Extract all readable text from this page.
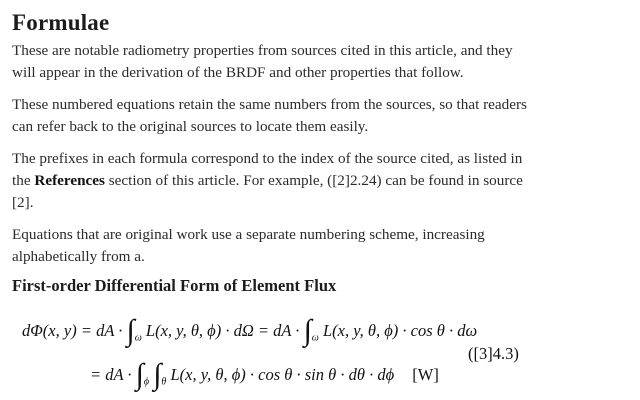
Formulae

These are notable radiometry properties from sources cited in this article, and they will appear in the derivation of the BRDF and other properties that follow.

These numbered equations retain the same numbers from the sources, so that readers can refer back to the original sources to locate them easily.

The prefixes in each formula correspond to the index of the source cited, as listed in the References section of this article. For example, ([2]2.24) can be found in source [2].

Equations that are original work use a separate numbering scheme, increasing alphabetically from a.

First-order Differential Form of Element Flux
dΦ(x, y) = dA · $\int_\omega$ L(x, y, θ, ϕ) · dΩ = dA · $\int_\omega$ L(x, y, θ, ϕ) · cos θ · dω
([3]4.3)
= dA · $\int_\phi$ $\int_\theta$ L(x, y, θ, ϕ) · cos θ · sin θ · dθ · dϕ [W]
